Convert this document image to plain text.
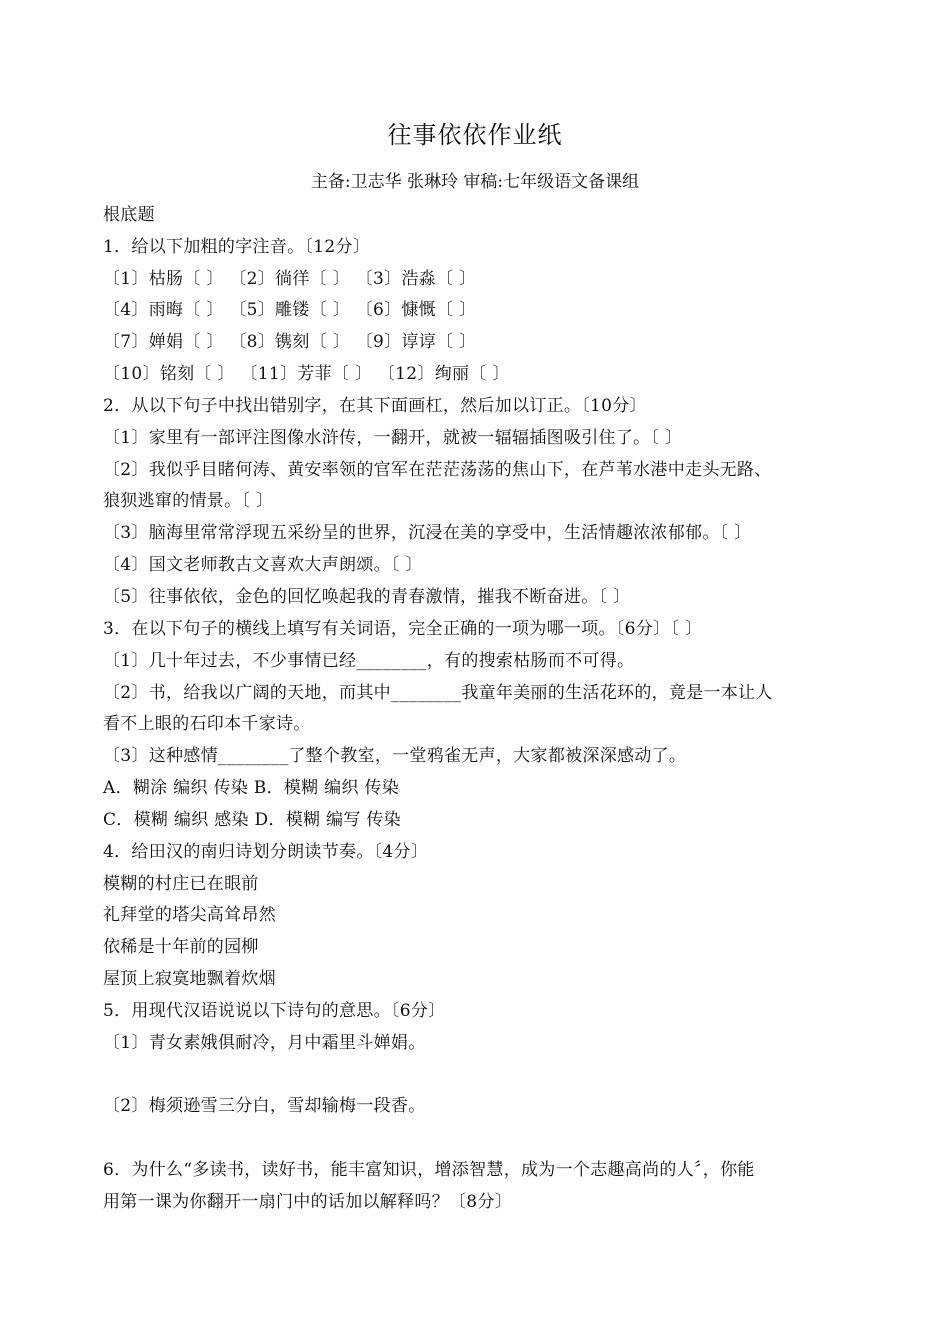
往事依依作业纸
主备:卫志华 张琳玲 审稿:七年级语文备课组
根底题
1．给以下加粗的字注音。〔12分〕
〔1〕枯肠〔 〕 〔2〕徜徉〔 〕 〔3〕浩淼〔 〕
〔4〕雨晦〔 〕 〔5〕雕镂〔 〕 〔6〕慷慨〔 〕
〔7〕婵娟〔 〕 〔8〕镌刻〔 〕 〔9〕谆谆〔 〕
〔10〕铭刻〔 〕 〔11〕芳菲〔 〕 〔12〕绚丽〔 〕
2．从以下句子中找出错别字，在其下面画杠，然后加以订正。〔10分〕
〔1〕家里有一部评注图像水浒传，一翻开，就被一辐辐插图吸引住了。〔 〕
〔2〕我似乎目睹何涛、黄安率领的官军在茫茫荡荡的焦山下，在芦苇水港中走头无路、
狼狈逃窜的情景。〔 〕
〔3〕脑海里常常浮现五采纷呈的世界，沉浸在美的享受中，生活情趣浓浓郁郁。〔 〕
〔4〕国文老师教古文喜欢大声朗颂。〔 〕
〔5〕往事依依，金色的回忆唤起我的青春激情，摧我不断奋进。〔 〕
3．在以下句子的横线上填写有关词语，完全正确的一项为哪一项。〔6分〕〔 〕
〔1〕几十年过去，不少事情已经________，有的搜索枯肠而不可得。
〔2〕书，给我以广阔的天地，而其中________我童年美丽的生活花环的，竟是一本让人
看不上眼的石印本千家诗。
〔3〕这种感情________了整个教室，一堂鸦雀无声，大家都被深深感动了。
A．糊涂 编织 传染 B．模糊 编织 传染
C．模糊 编织 感染 D．模糊 编写 传染
4．给田汉的南归诗划分朗读节奏。〔4分〕
模糊的村庄已在眼前
礼拜堂的塔尖高耸昂然
依稀是十年前的园柳
屋顶上寂寞地飘着炊烟
5．用现代汉语说说以下诗句的意思。〔6分〕
〔1〕青女素娥俱耐冷，月中霜里斗婵娟。
〔2〕梅须逊雪三分白，雪却输梅一段香。
6．为什么“多读书，读好书，能丰富知识，增添智慧，成为一个志趣高尚的人〞，你能
用第一课为你翻开一扇门中的话加以解释吗？〔8分〕
